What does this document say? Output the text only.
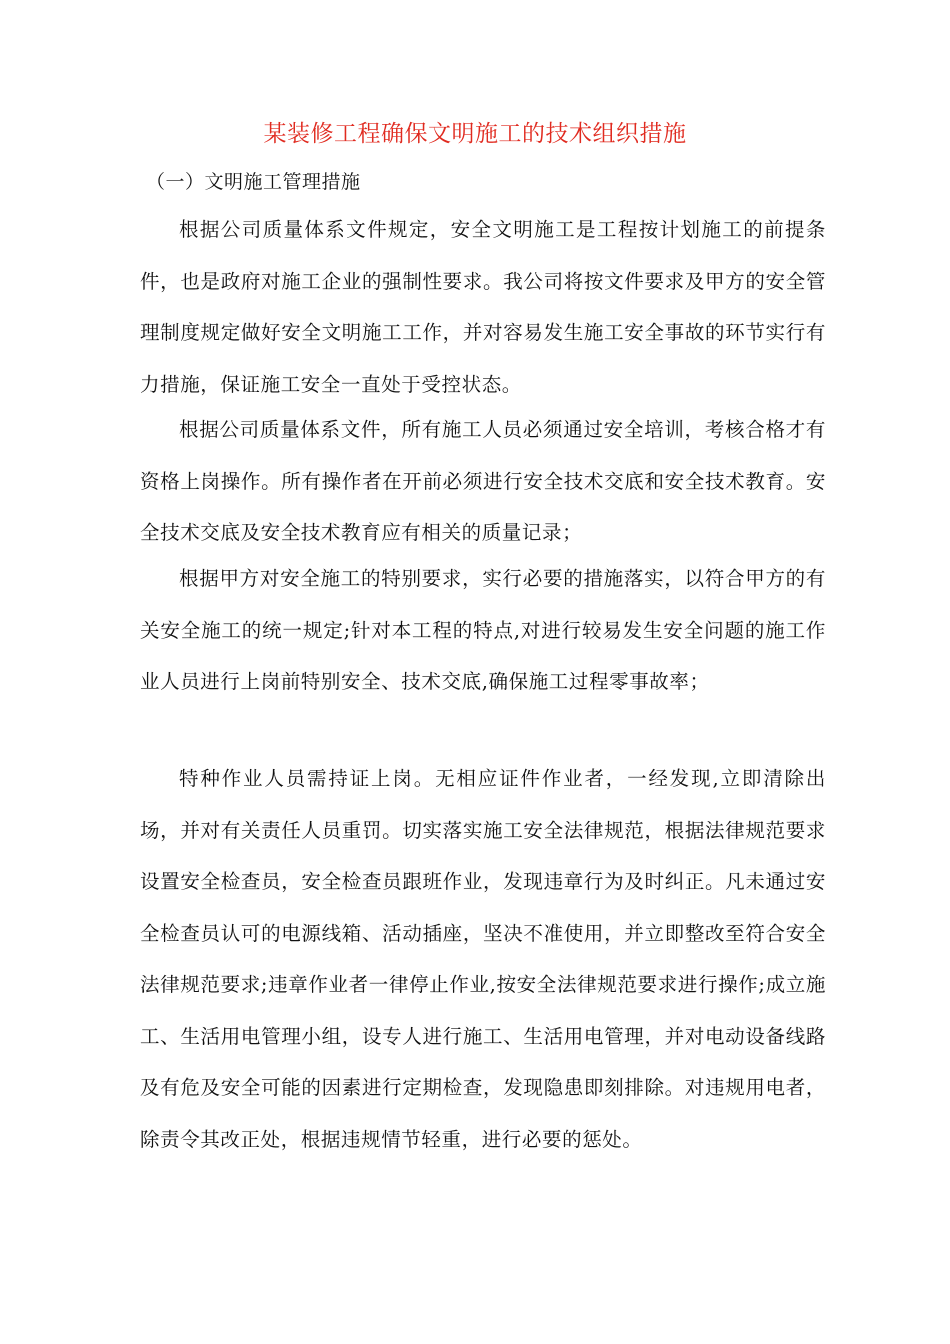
某装修工程确保文明施工的技术组织措施
（一）文明施工管理措施

根据公司质量体系文件规定，安全文明施工是工程按计划施工的前提条件，也是政府对施工企业的强制性要求。我公司将按文件要求及甲方的安全管理制度规定做好安全文明施工工作，并对容易发生施工安全事故的环节实行有力措施，保证施工安全一直处于受控状态。

根据公司质量体系文件，所有施工人员必须通过安全培训，考核合格才有资格上岗操作。所有操作者在开前必须进行安全技术交底和安全技术教育。安全技术交底及安全技术教育应有相关的质量记录；

根据甲方对安全施工的特别要求，实行必要的措施落实，以符合甲方的有关安全施工的统一规定;针对本工程的特点,对进行较易发生安全问题的施工作业人员进行上岗前特别安全、技术交底,确保施工过程零事故率；

特种作业人员需持证上岗。无相应证件作业者，一经发现,立即清除出场，并对有关责任人员重罚。切实落实施工安全法律规范，根据法律规范要求设置安全检查员，安全检查员跟班作业，发现违章行为及时纠正。凡未通过安全检查员认可的电源线箱、活动插座，坚决不准使用，并立即整改至符合安全法律规范要求;违章作业者一律停止作业,按安全法律规范要求进行操作;成立施工、生活用电管理小组，设专人进行施工、生活用电管理，并对电动设备线路及有危及安全可能的因素进行定期检查，发现隐患即刻排除。对违规用电者，除责令其改正处，根据违规情节轻重，进行必要的惩处。
